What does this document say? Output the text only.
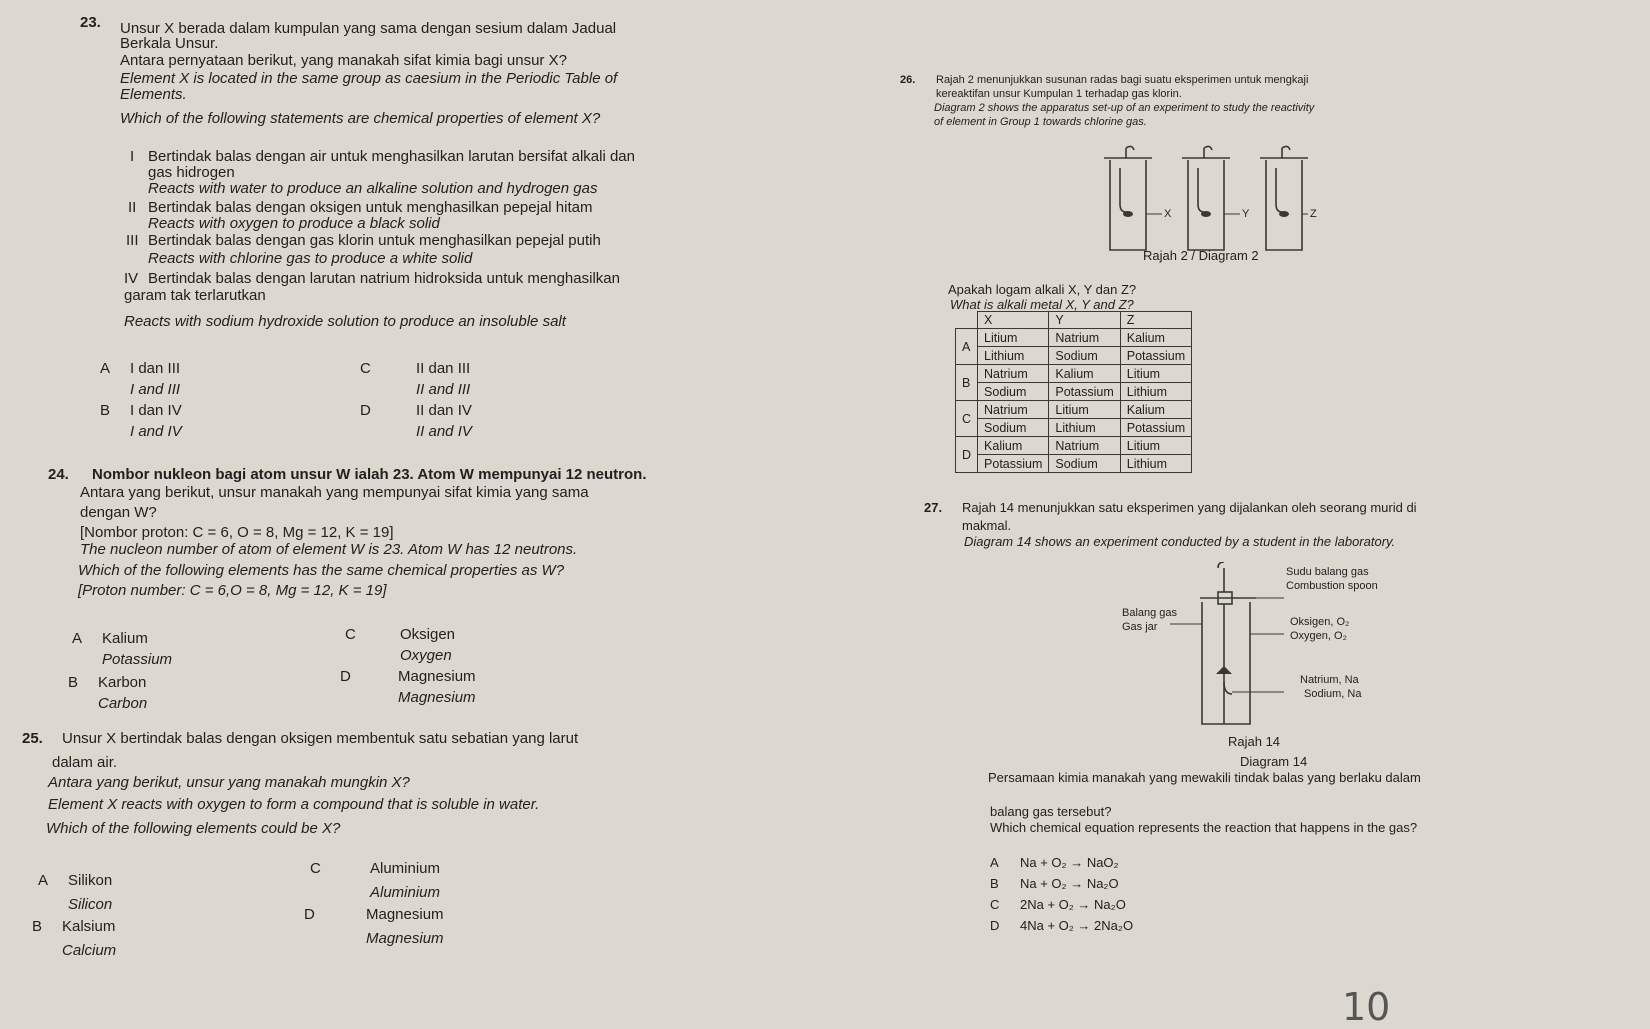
23. Unsur X berada dalam kumpulan yang sama dengan sesium dalam Jadual
Berkala Unsur.
Antara pernyataan berikut, yang manakah sifat kimia bagi unsur X?
Element X is located in the same group as caesium in the Periodic Table of
Elements.
Which of the following statements are chemical properties of element X?
I Bertindak balas dengan air untuk menghasilkan larutan bersifat alkali dan
gas hidrogen
Reacts with water to produce an alkaline solution and hydrogen gas
II Bertindak balas dengan oksigen untuk menghasilkan pepejal hitam
Reacts with oxygen to produce a black solid
III Bertindak balas dengan gas klorin untuk menghasilkan pepejal putih
Reacts with chlorine gas to produce a white solid
IV Bertindak balas dengan larutan natrium hidroksida untuk menghasilkan
garam tak terlarutkan
Reacts with sodium hydroxide solution to produce an insoluble salt
A I dan III
I and III
B I dan IV
I and IV
C	II dan III
II and III
D	II dan IV
II and IV
24. Nombor nukleon bagi atom unsur W ialah 23. Atom W mempunyai 12 neutron.
Antara yang berikut, unsur manakah yang mempunyai sifat kimia yang sama
dengan W?
[Nombor proton: C = 6, O = 8, Mg = 12, K = 19]
The nucleon number of atom of element W is 23. Atom W has 12 neutrons.
Which of the following elements has the same chemical properties as W?
[Proton number: C = 6,O = 8, Mg = 12, K = 19]
A Kalium
Potassium
B Karbon
Carbon
C	Oksigen
Oxygen
D	Magnesium
Magnesium
25. Unsur X bertindak balas dengan oksigen membentuk satu sebatian yang larut
dalam air.
Antara yang berikut, unsur yang manakah mungkin X?
Element X reacts with oxygen to form a compound that is soluble in water.
Which of the following elements could be X?
A Silikon
Silicon
B Kalsium
Calcium
C	Aluminium
Aluminium
D	Magnesium
Magnesium
26. Rajah 2 menunjukkan susunan radas bagi suatu eksperimen untuk mengkaji
kereaktifan unsur Kumpulan 1 terhadap gas klorin.
Diagram 2 shows the apparatus set-up of an experiment to study the reactivity
of element in Group 1 towards chlorine gas.
X	Y	Z
Rajah 2 / Diagram 2
Apakah logam alkali X, Y dan Z?
What is alkali metal X, Y and Z?
	X	Y	Z
A	Litium	Natrium	Kalium
	Lithium	Sodium	Potassium
B	Natrium	Kalium	Litium
	Sodium	Potassium	Lithium
C	Natrium	Litium	Kalium
	Sodium	Lithium	Potassium
D	Kalium	Natrium	Litium
	Potassium	Sodium	Lithium
27. Rajah 14 menunjukkan satu eksperimen yang dijalankan oleh seorang murid di
makmal.
Diagram 14 shows an experiment conducted by a student in the laboratory.
Sudu balang gas
Combustion spoon
Balang gas
Gas jar	Oksigen, O₂
Oxygen, O₂
Natrium, Na
Sodium, Na
Rajah 14
Diagram 14
Persamaan kimia manakah yang mewakili tindak balas yang berlaku dalam
balang gas tersebut?
Which chemical equation represents the reaction that happens in the gas?
A Na + O₂ → NaO₂
B Na + O₂ → Na₂O
C 2Na + O₂ → Na₂O
D 4Na + O₂ → 2Na₂O
10
